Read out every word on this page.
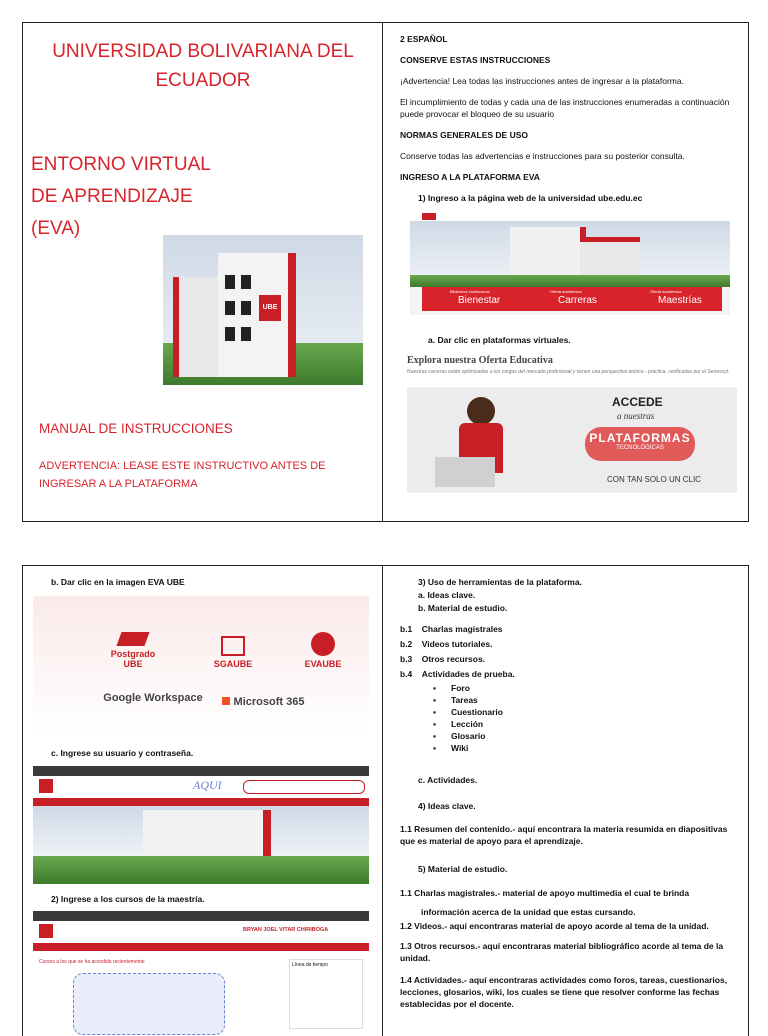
UNIVERSIDAD BOLIVARIANA DEL ECUADOR
ENTORNO VIRTUAL
DE APRENDIZAJE
(EVA)
UBE
MANUAL DE INSTRUCCIONES
ADVERTENCIA: LEASE ESTE INSTRUCTIVO ANTES DE INGRESAR A LA PLATAFORMA
2 ESPAÑOL
CONSERVE ESTAS INSTRUCCIONES
¡Advertencia! Lea todas las instrucciones antes de ingresar a la plataforma.
El incumplimiento de todas y cada una de las instrucciones enumeradas a continuación puede provocar el bloqueo de su usuario
NORMAS GENERALES DE USO
Conserve todas las advertencias e instrucciones para su posterior consulta.
INGRESO A LA PLATAFORMA EVA
1) Ingreso a la página web de la universidad ube.edu.ec
Biblioteca Institucional
Bienestar
Oferta académica
Carreras
Oferta académica
Maestrías
a. Dar clic en plataformas virtuales.
Explora nuestra Oferta Educativa
Nuestras carreras están optimizadas a los cargos del mercado profesional y tienen una perspectiva teórica - práctica, verificadas por el Senescyt.
ACCEDE
a nuestras
PLATAFORMAS
TECNOLÓGICAS
CON TAN SOLO UN CLIC
b. Dar clic en la imagen EVA UBE
Postgrado UBE	SGAUBE	EVAUBE
Google Workspace	Microsoft 365
c. Ingrese su usuario y contraseña.
AQUI
2) Ingrese a los cursos de la maestría.
BRYAN JOEL VITAR CHIRIBOGA
Cursos a los que se ha accedido recientemente	Línea de tiempo
3) Uso de herramientas de la plataforma.
a. Ideas clave.
b. Material de estudio.
b.1 Charlas magistrales
b.2 Videos tutoriales.
b.3 Otros recursos.
b.4 Actividades de prueba.
▪ Foro
▪ Tareas
▪ Cuestionario
▪ Lección
▪ Glosario
▪ Wiki
c. Actividades.
4) Ideas clave.
1.1 Resumen del contenido.- aquí encontrara la materia resumida en diapositivas que es material de apoyo para el aprendizaje.
5) Material de estudio.
1.1 Charlas magistrales.- material de apoyo multimedia el cual te brinda
información acerca de la unidad que estas cursando.
1.2 Videos.- aquí encontraras material de apoyo acorde al tema de la unidad.
1.3 Otros recursos.- aquí encontraras material bibliográfico acorde al tema de la unidad.
1.4 Actividades.- aquí encontraras actividades como foros, tareas, cuestionarios, lecciones, glosarios, wiki, los cuales se tiene que resolver conforme las fechas establecidas por el docente.
